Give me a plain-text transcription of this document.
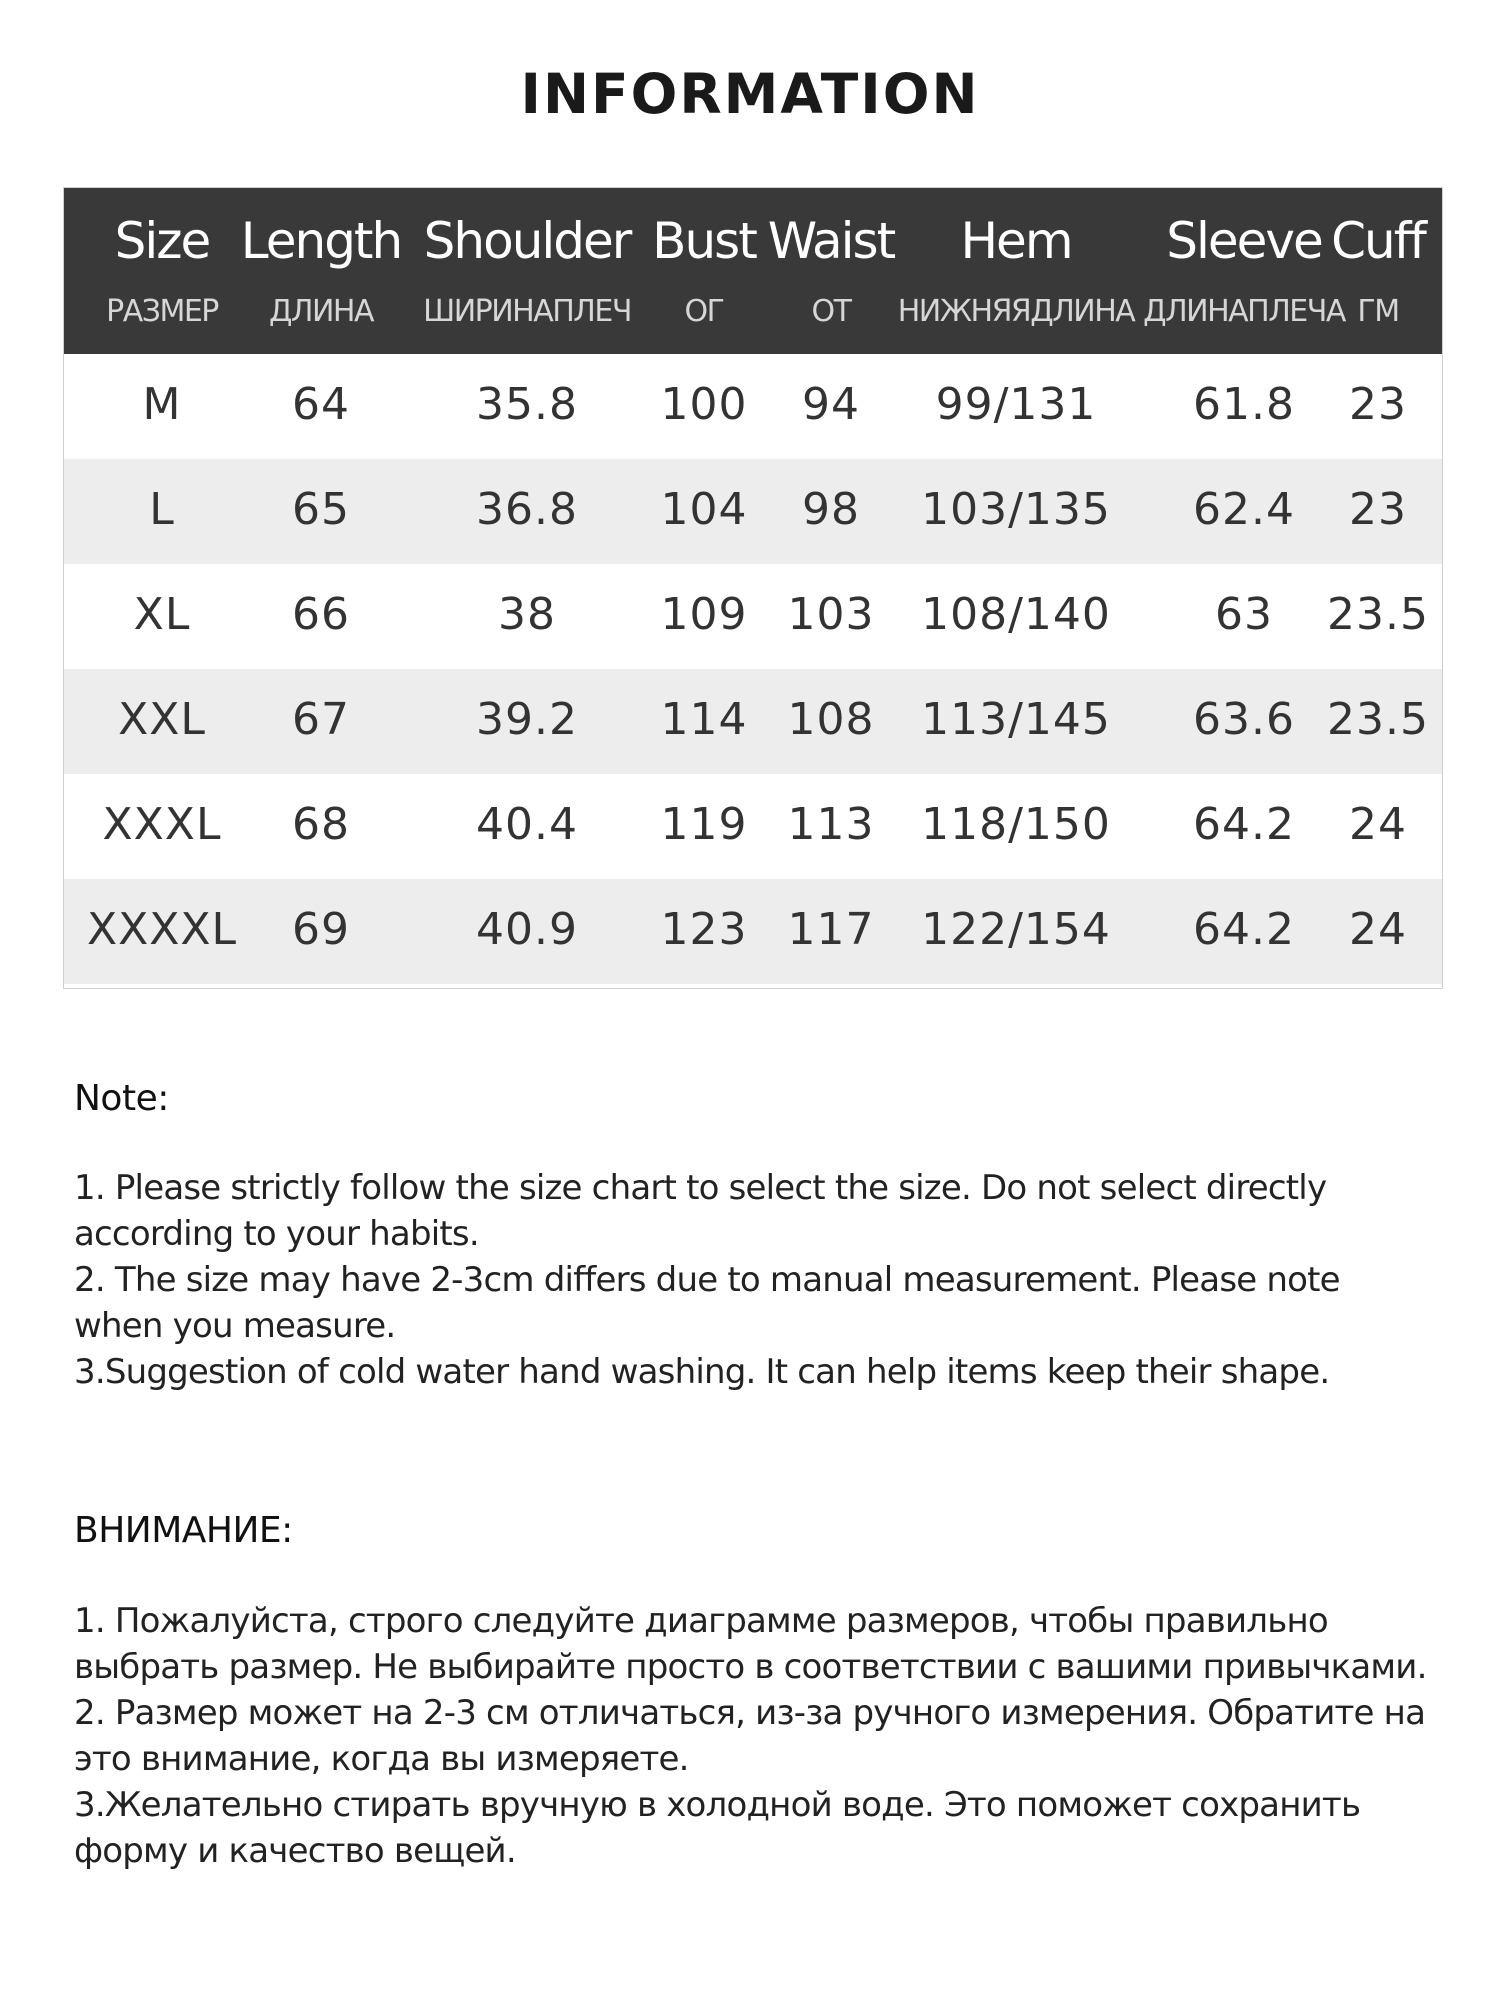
INFORMATION
Size Length Shoulder Bust Waist Hem Sleeve Cuff
РАЗМЕР ДЛИНА ШИРИНАПЛЕЧ ОГ	ОТ НИЖНЯЯДЛИНА ДЛИНАПЛЕЧА ГМ
M	64	35.8 100 94 99/131 61.8 23
L	65	36.8 104 98 103/135 62.4 23
XL 66	38 109 103 108/140 63 23.5
XXL 67	39.2 114 108 113/145 63.6 23.5
XXXL 68	40.4 119 113 118/150 64.2 24
XXXXL 69	40.9 123 117 122/154 64.2 24
Note:

1. Please strictly follow the size chart to select the size. Do not select directly according to your habits.

2. The size may have 2-3cm differs due to manual measurement. Please note when you measure.

3.Suggestion of cold water hand washing. It can help items keep their shape.

ВНИМАНИЕ:

1. Пожалуйста, строго следуйте диаграмме размеров, чтобы правильно выбрать размер. Не выбирайте просто в соответствии с вашими привычками.

2. Размер может на 2-3 см отличаться, из-за ручного измерения. Обратите на это внимание, когда вы измеряете.

3.Желательно стирать вручную в холодной воде. Это поможет сохранить форму и качество вещей.
